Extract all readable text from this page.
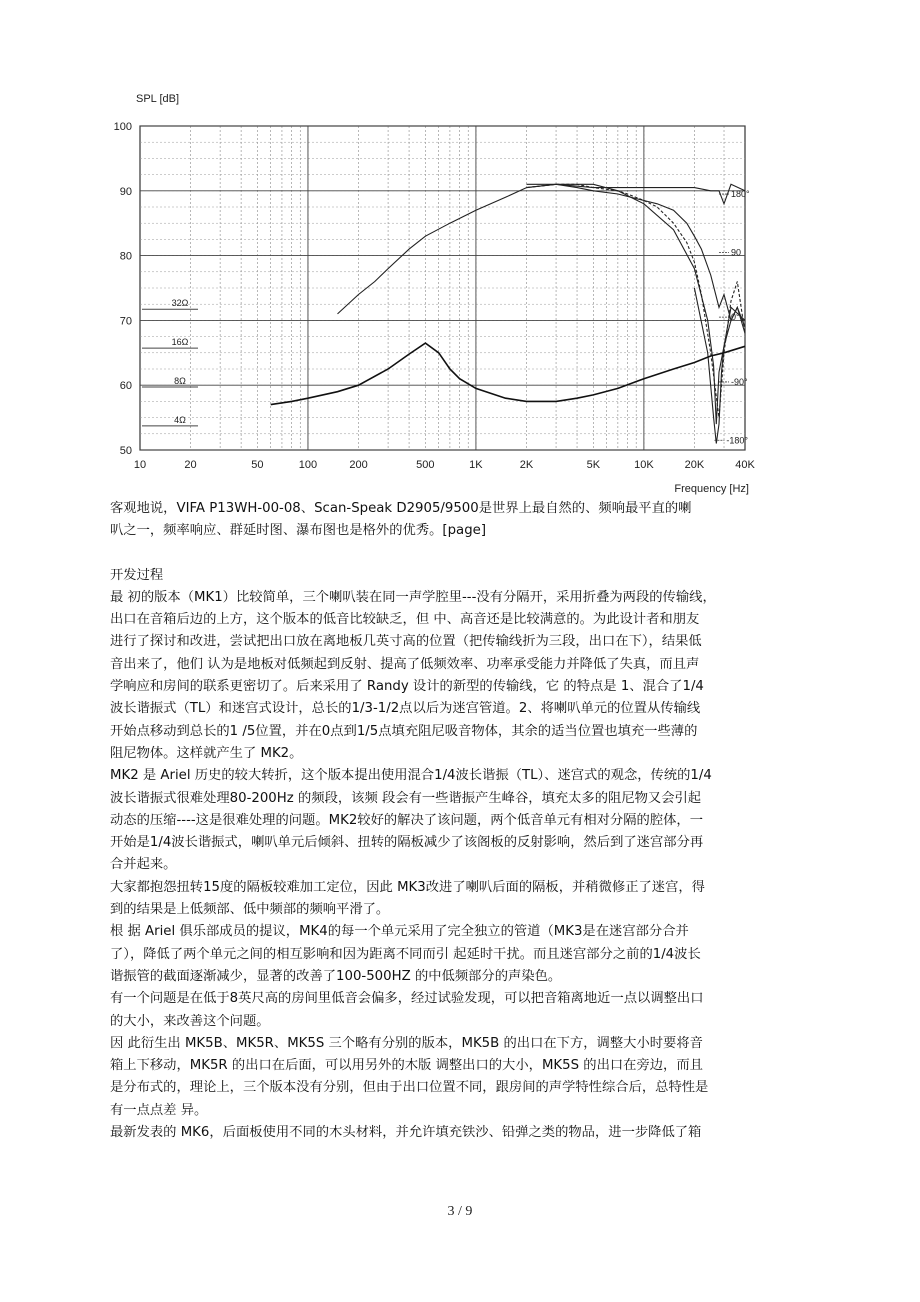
50
60
70
80
90
100
10	20	50	100	200	500	1K	2K	5K	10K	20K	40K
SPL [dB]
Frequency [Hz]
32Ω
16Ω
8Ω
4Ω
0°
90
180°
-90°
-180°

客观地说，VIFA P13WH-00-08、Scan-Speak D2905/9500是世界上最自然的、频响最平直的喇

叭之一，频率响应、群延时图、瀑布图也是格外的优秀。[page]

开发过程

最 初的版本（MK1）比较简单，三个喇叭装在同一声学腔里---没有分隔开，采用折叠为两段的传输线，

出口在音箱后边的上方，这个版本的低音比较缺乏，但 中、高音还是比较满意的。为此设计者和朋友

进行了探讨和改进，尝试把出口放在离地板几英寸高的位置（把传输线折为三段，出口在下），结果低

音出来了，他们 认为是地板对低频起到反射、提高了低频效率、功率承受能力并降低了失真，而且声

学响应和房间的联系更密切了。后来采用了 Randy 设计的新型的传输线，它 的特点是 1、混合了1/4

波长谐振式（TL）和迷宫式设计，总长的1/3-1/2点以后为迷宫管道。2、将喇叭单元的位置从传输线

开始点移动到总长的1 /5位置，并在0点到1/5点填充阻尼吸音物体，其余的适当位置也填充一些薄的

阻尼物体。这样就产生了 MK2。

MK2 是 Ariel 历史的较大转折，这个版本提出使用混合1/4波长谐振（TL）、迷宫式的观念，传统的1/4

波长谐振式很难处理80-200Hz 的频段，该频 段会有一些谐振产生峰谷，填充太多的阻尼物又会引起

动态的压缩----这是很难处理的问题。MK2较好的解决了该问题，两个低音单元有相对分隔的腔体，一

开始是1/4波长谐振式，喇叭单元后倾斜、扭转的隔板减少了该阁板的反射影响，然后到了迷宫部分再

合并起来。

大家都抱怨扭转15度的隔板较难加工定位，因此 MK3改进了喇叭后面的隔板，并稍微修正了迷宫，得

到的结果是上低频部、低中频部的频响平滑了。

根 据 Ariel 俱乐部成员的提议，MK4的每一个单元采用了完全独立的管道（MK3是在迷宫部分合并

了），降低了两个单元之间的相互影响和因为距离不同而引 起延时干扰。而且迷宫部分之前的1/4波长

谐振管的截面逐渐减少，显著的改善了100-500HZ 的中低频部分的声染色。

有一个问题是在低于8英尺高的房间里低音会偏多，经过试验发现，可以把音箱离地近一点以调整出口

的大小，来改善这个问题。

因 此衍生出 MK5B、MK5R、MK5S 三个略有分别的版本，MK5B 的出口在下方，调整大小时要将音

箱上下移动，MK5R 的出口在后面，可以用另外的木版 调整出口的大小，MK5S 的出口在旁边，而且

是分布式的，理论上，三个版本没有分别，但由于出口位置不同，跟房间的声学特性综合后，总特性是

有一点点差 异。

最新发表的 MK6，后面板使用不同的木头材料，并允许填充铁沙、铅弹之类的物品，进一步降低了箱

3 / 9
